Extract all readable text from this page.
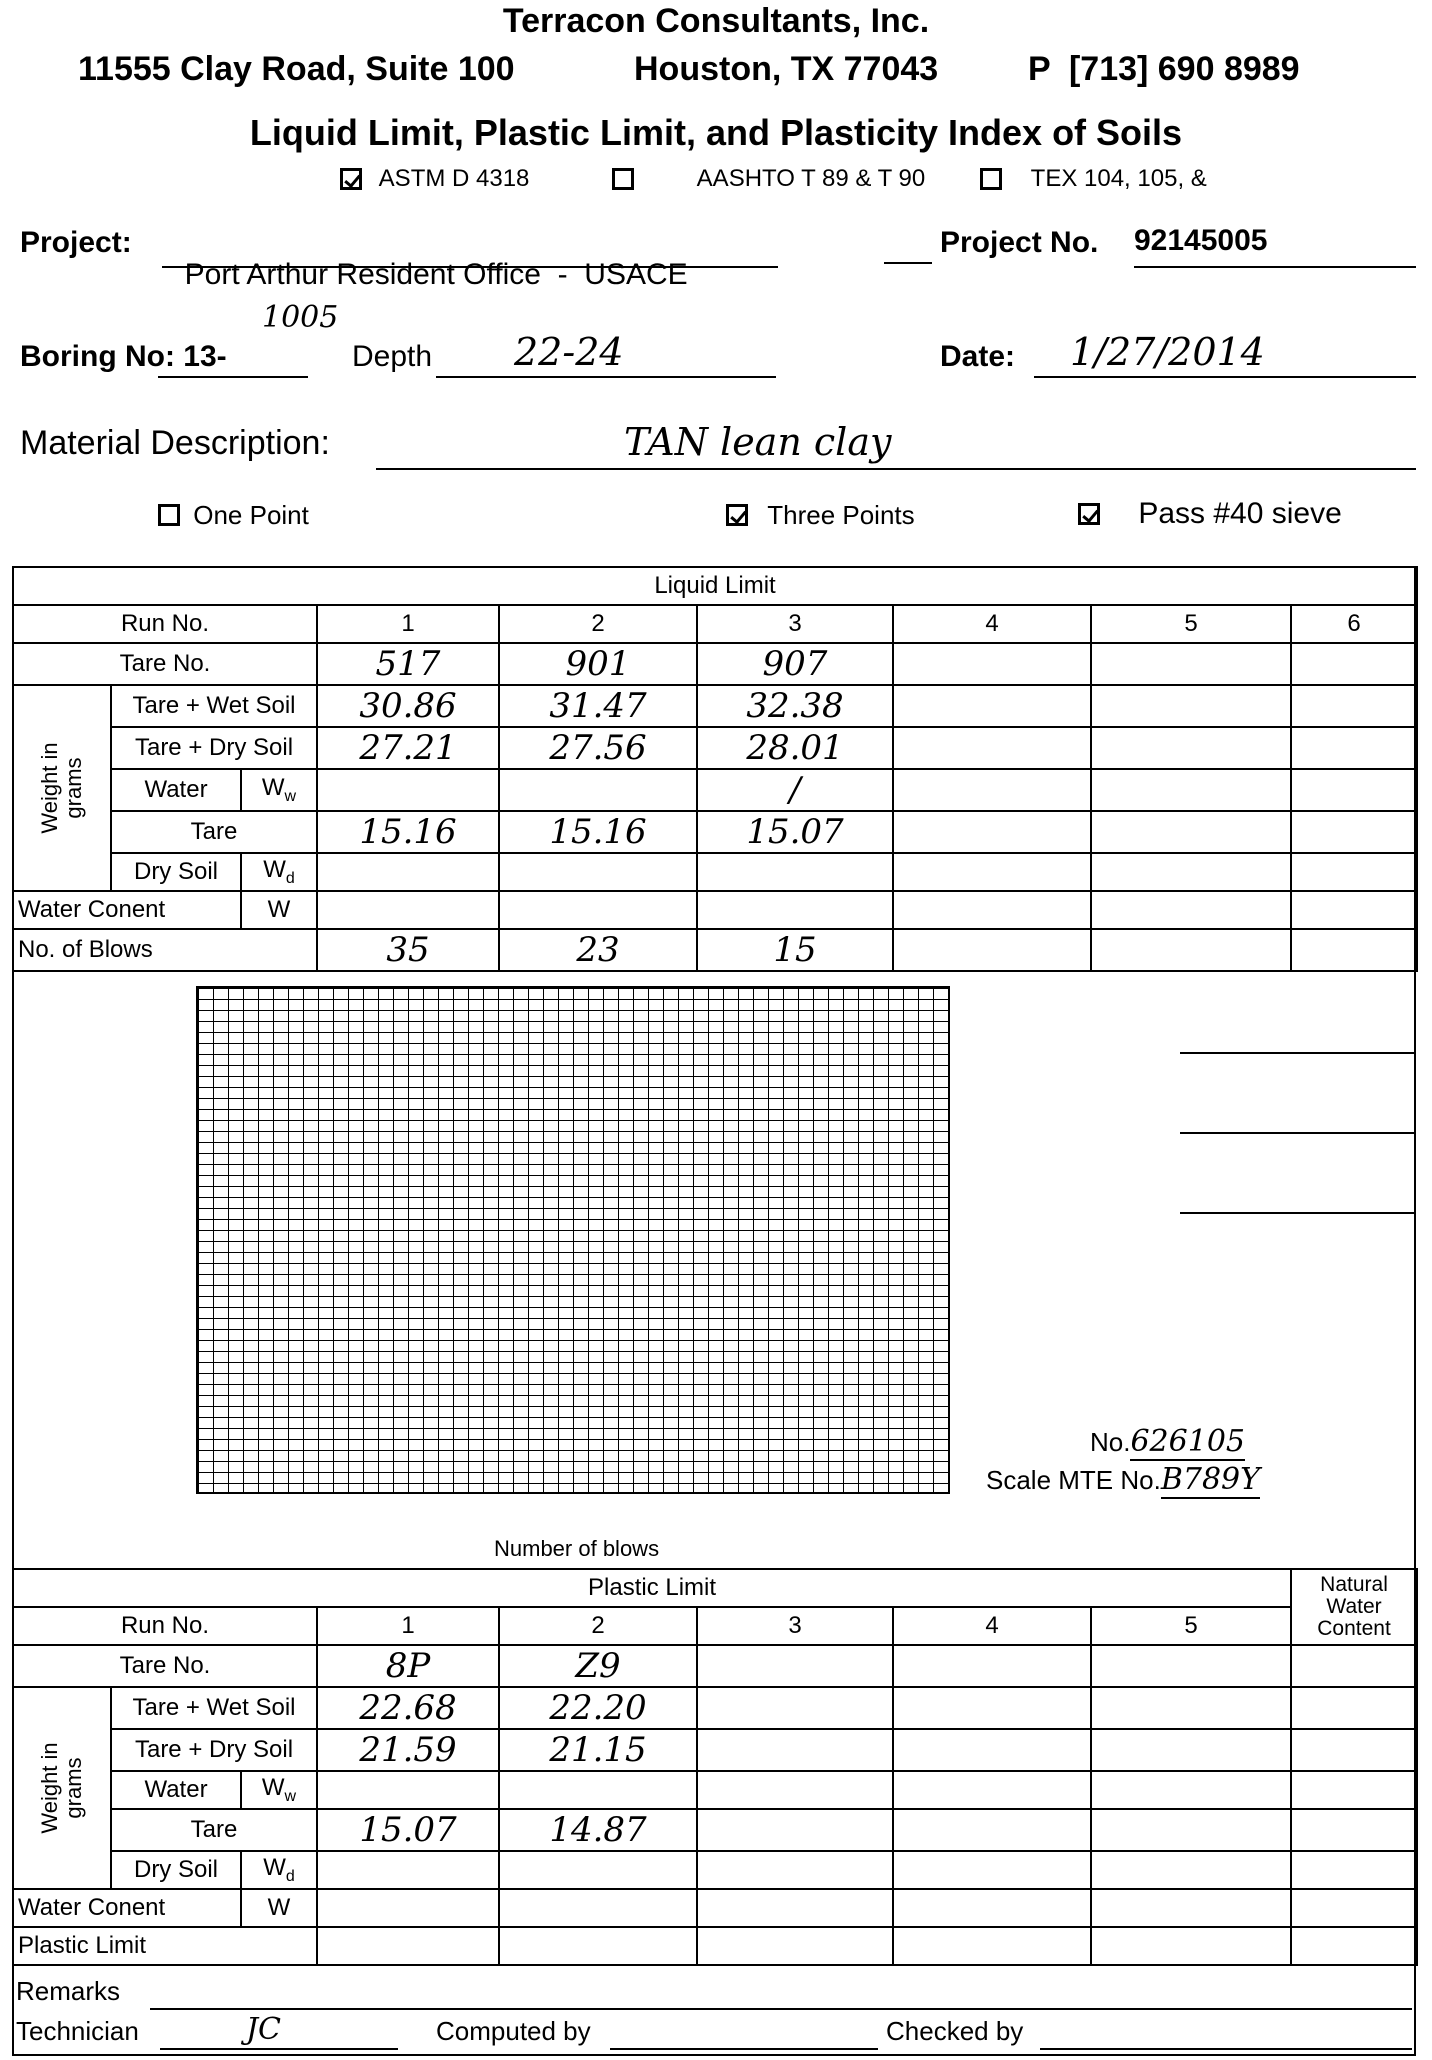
Terracon Consultants, Inc.
11555 Clay Road, Suite 100	Houston, TX 77043	P  [713] 690 8989
Liquid Limit, Plastic Limit, and Plasticity Index of Soils
ASTM D 4318	AASHTO T 89 & T 90	TEX 104, 105, &
Project:

Port Arthur Resident Office  -  USACE

Project No. 92145005
Boring No: 13-
1005
Depth	22-24	Date:	1/27/2014
Material Description:	TAN lean clay
One Point	Three Points	Pass #40 sieve
Liquid Limit								
Run No.			1	2	3	4	5	6
Tare No.			517	901	907			

Weight in grams	Tare + Wet Soil		30.86	31.47	32.38			
	Tare + Dry Soil		27.21	27.56	28.01			
	Water	$W_w$			/			
	Tare		15.16	15.16	15.07			
	Dry Soil	$W_d$						
Water Conent		W						
No. of Blows			35	23	15			
No.626105
Scale MTE No.B789Y
Number of blows
Plastic Limit								Natural Water Content
Run No.			1	2	3	4	5	
Tare No.			8P	Z9				

Weight in grams	Tare + Wet Soil		22.68	22.20				
	Tare + Dry Soil		21.59	21.15				
	Water	$W_w$						
	Tare		15.07	14.87				
	Dry Soil	$W_d$						
Water Conent		W						
Plastic Limit								
Remarks
Technician	JC	Computed by	Checked by
